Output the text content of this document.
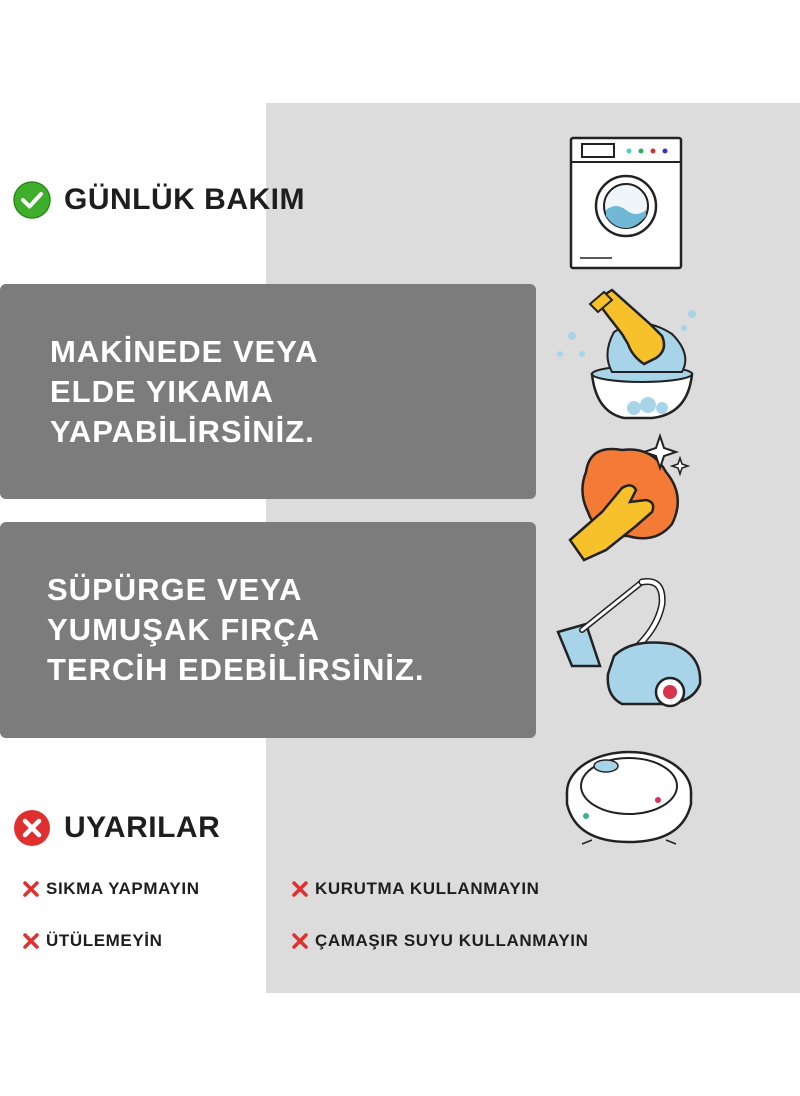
GÜNLÜK BAKIM
MAKİNEDE VEYA
ELDE YIKAMA
YAPABİLİRSİNİZ.
SÜPÜRGE VEYA
YUMUŞAK FIRÇA
TERCİH EDEBİLİRSİNİZ.
UYARILAR
SIKMA YAPMAYIN	KURUTMA KULLANMAYIN
ÜTÜLEMEYİN	ÇAMAŞIR SUYU KULLANMAYIN
